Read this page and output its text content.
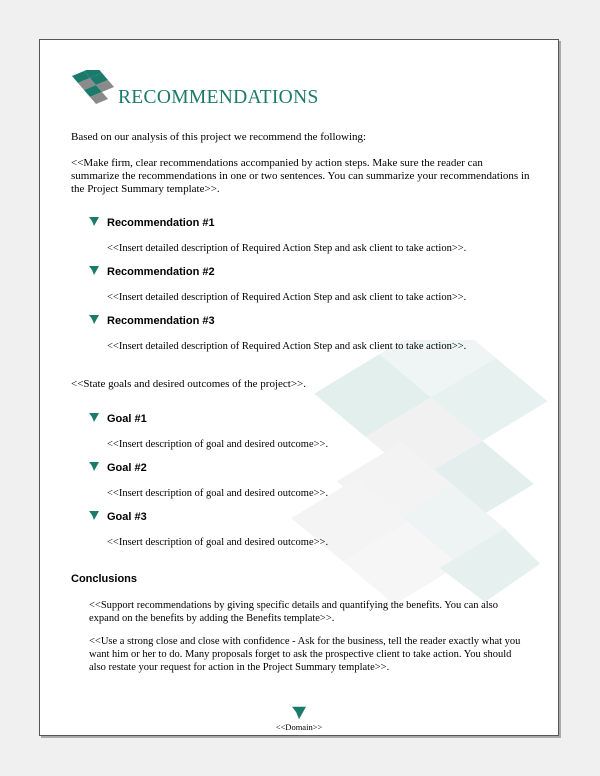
RECOMMENDATIONS
Based on our analysis of this project we recommend the following:
<<Make firm, clear recommendations accompanied by action steps. Make sure the reader can summarize the recommendations in one or two sentences. You can summarize your recommendations in the Project Summary template>>.
Recommendation #1
<<Insert detailed description of Required Action Step and ask client to take action>>.
Recommendation #2
<<Insert detailed description of Required Action Step and ask client to take action>>.
Recommendation #3
<<Insert detailed description of Required Action Step and ask client to take action>>.
<<State goals and desired outcomes of the project>>.
Goal #1
<<Insert description of goal and desired outcome>>.
Goal #2
<<Insert description of goal and desired outcome>>.
Goal #3
<<Insert description of goal and desired outcome>>.
Conclusions
<<Support recommendations by giving specific details and quantifying the benefits. You can also expand on the benefits by adding the Benefits template>>.
<<Use a strong close and close with confidence - Ask for the business, tell the reader exactly what you want him or her to do. Many proposals forget to ask the prospective client to take action. You should also restate your request for action in the Project Summary template>>.
<<Domain>>
